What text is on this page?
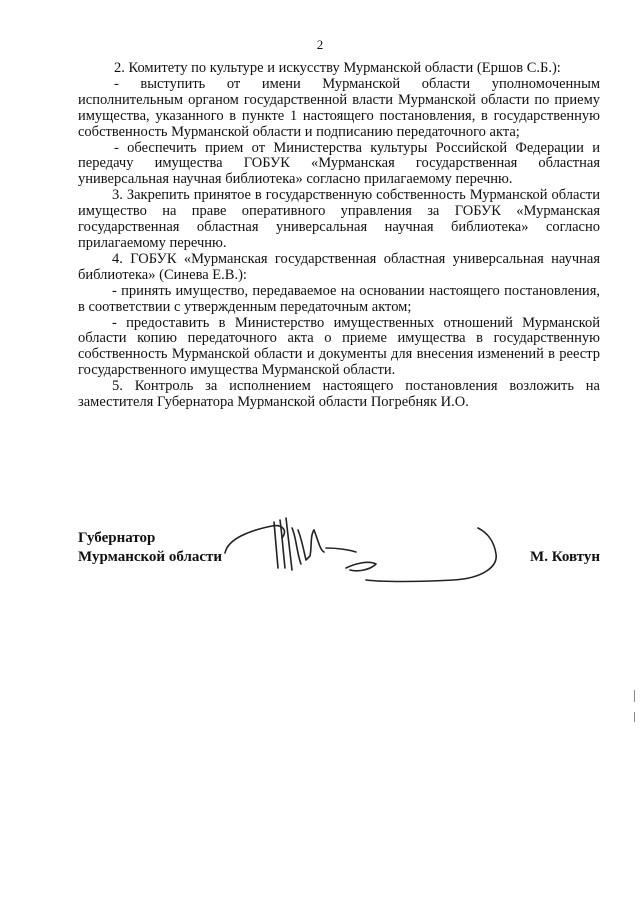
2

2. Комитету по культуре и искусству Мурманской области (Ершов С.Б.):

- выступить от имени Мурманской области уполномоченным исполнительным органом государственной власти Мурманской области по приему имущества, указанного в пункте 1 настоящего постановления, в государственную собственность Мурманской области и подписанию передаточного акта;

- обеспечить прием от Министерства культуры Российской Федерации и передачу имущества ГОБУК «Мурманская государственная областная универсальная научная библиотека» согласно прилагаемому перечню.

3. Закрепить принятое в государственную собственность Мурманской области имущество на праве оперативного управления за ГОБУК «Мурманская государственная областная универсальная научная библиотека» согласно прилагаемому перечню.

4. ГОБУК «Мурманская государственная областная универсальная научная библиотека» (Синева Е.В.):

- принять имущество, передаваемое на основании настоящего постановления, в соответствии с утвержденным передаточным актом;

- предоставить в Министерство имущественных отношений Мурманской области копию передаточного акта о приеме имущества в государственную собственность Мурманской области и документы для внесения изменений в реестр государственного имущества Мурманской области.

5. Контроль за исполнением настоящего постановления возложить на заместителя Губернатора Мурманской области Погребняк И.О.

Губернатор
Мурманской области	М. Ковтун
